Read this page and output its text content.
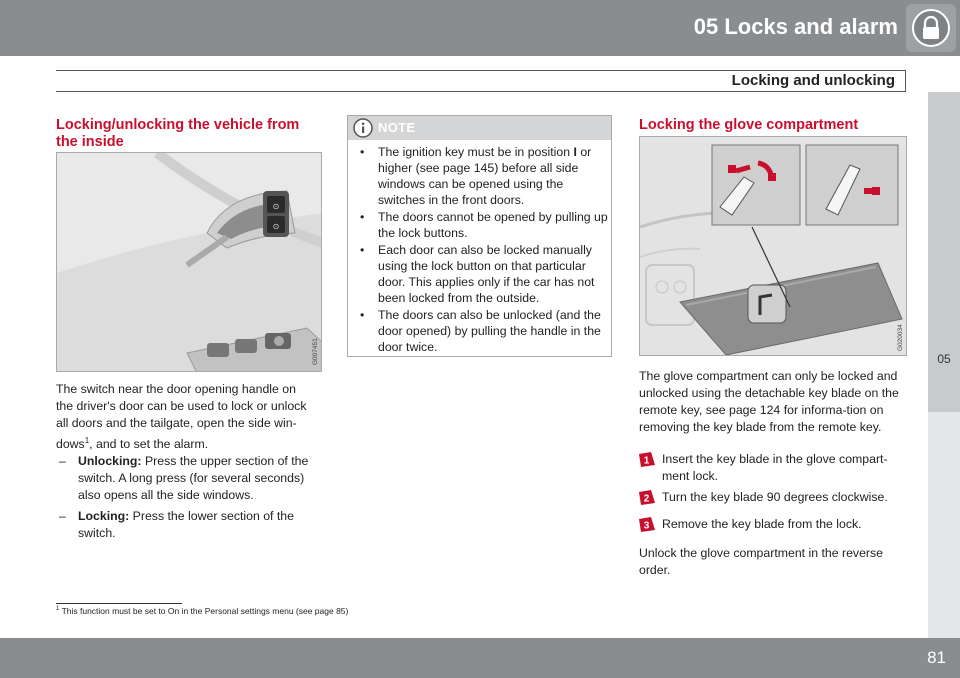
05 Locks and alarm
Locking and unlocking
05
Locking/unlocking the vehicle from the inside
⊙
⊙
G007451
The switch near the door opening handle on
the driver's door can be used to lock or unlock
all doors and the tailgate, open the side win-
dows$^1$, and to set the alarm.
– Unlocking: Press the upper section of the switch. A long press (for several seconds) also opens all the side windows.
– Locking: Press the lower section of the switch.
NOTE
• The ignition key must be in position I or higher (see page 145) before all side windows can be opened using the switches in the front doors.
• The doors cannot be opened by pulling up the lock buttons.
• Each door can also be locked manually using the lock button on that particular door. This applies only if the car has not been locked from the outside.
• The doors can also be unlocked (and the door opened) by pulling the handle in the door twice.
Locking the glove compartment
G020034
The glove compartment can only be locked and unlocked using the detachable key blade on the remote key, see page 124 for informa-tion on removing the key blade from the remote key.
1 Insert the key blade in the glove compart-ment lock.
2 Turn the key blade 90 degrees clockwise.
3 Remove the key blade from the lock.
Unlock the glove compartment in the reverse order.
$^1$ This function must be set to On in the Personal settings menu (see page 85)
81
